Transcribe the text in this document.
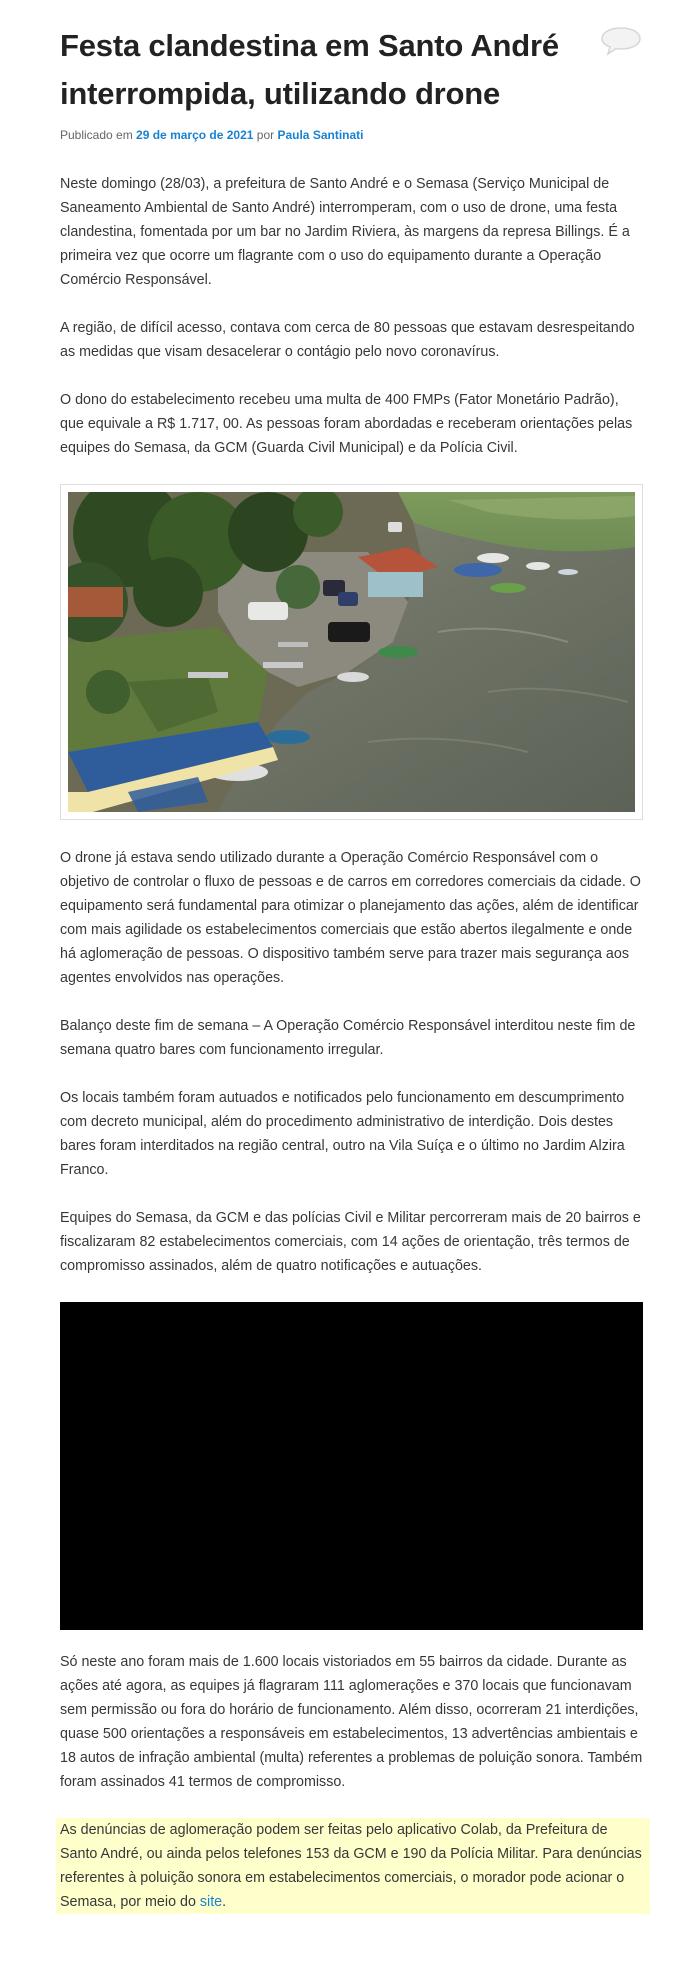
Festa clandestina em Santo André interrompida, utilizando drone
Publicado em 29 de março de 2021 por Paula Santinati

Neste domingo (28/03), a prefeitura de Santo André e o Semasa (Serviço Municipal de Saneamento Ambiental de Santo André) interromperam, com o uso de drone, uma festa clandestina, fomentada por um bar no Jardim Riviera, às margens da represa Billings. É a primeira vez que ocorre um flagrante com o uso do equipamento durante a Operação Comércio Responsável.

A região, de difícil acesso, contava com cerca de 80 pessoas que estavam desrespeitando as medidas que visam desacelerar o contágio pelo novo coronavírus.

O dono do estabelecimento recebeu uma multa de 400 FMPs (Fator Monetário Padrão), que equivale a R$ 1.717, 00. As pessoas foram abordadas e receberam orientações pelas equipes do Semasa, da GCM (Guarda Civil Municipal) e da Polícia Civil.

O drone já estava sendo utilizado durante a Operação Comércio Responsável com o objetivo de controlar o fluxo de pessoas e de carros em corredores comerciais da cidade. O equipamento será fundamental para otimizar o planejamento das ações, além de identificar com mais agilidade os estabelecimentos comerciais que estão abertos ilegalmente e onde há aglomeração de pessoas. O dispositivo também serve para trazer mais segurança aos agentes envolvidos nas operações.

Balanço deste fim de semana – A Operação Comércio Responsável interditou neste fim de semana quatro bares com funcionamento irregular.

Os locais também foram autuados e notificados pelo funcionamento em descumprimento com decreto municipal, além do procedimento administrativo de interdição. Dois destes bares foram interditados na região central, outro na Vila Suíça e o último no Jardim Alzira Franco.

Equipes do Semasa, da GCM e das polícias Civil e Militar percorreram mais de 20 bairros e fiscalizaram 82 estabelecimentos comerciais, com 14 ações de orientação, três termos de compromisso assinados, além de quatro notificações e autuações.

Só neste ano foram mais de 1.600 locais vistoriados em 55 bairros da cidade. Durante as ações até agora, as equipes já flagraram 111 aglomerações e 370 locais que funcionavam sem permissão ou fora do horário de funcionamento. Além disso, ocorreram 21 interdições, quase 500 orientações a responsáveis em estabelecimentos, 13 advertências ambientais e 18 autos de infração ambiental (multa) referentes a problemas de poluição sonora. Também foram assinados 41 termos de compromisso.

As denúncias de aglomeração podem ser feitas pelo aplicativo Colab, da Prefeitura de Santo André, ou ainda pelos telefones 153 da GCM e 190 da Polícia Militar. Para denúncias referentes à poluição sonora em estabelecimentos comerciais, o morador pode acionar o Semasa, por meio do site.
